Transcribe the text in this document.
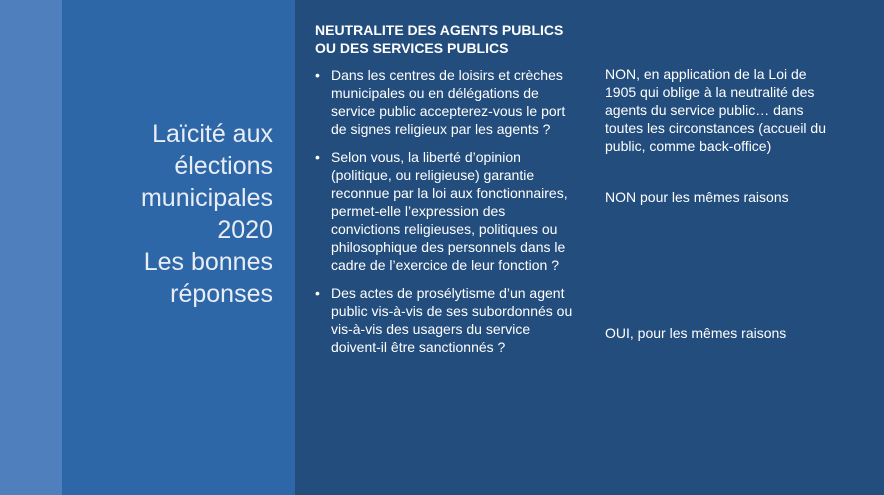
Laïcité aux
élections
municipales
2020
Les bonnes
réponses
NEUTRALITE DES AGENTS PUBLICS
OU DES SERVICES PUBLICS
• Dans les centres de loisirs et crèches municipales ou en délégations de service public accepterez-vous le port de signes religieux par les agents ?
• Selon vous, la liberté d’opinion (politique, ou religieuse) garantie reconnue par la loi aux fonctionnaires, permet-elle l’expression des convictions religieuses, politiques ou philosophique des personnels dans le cadre de l’exercice de leur fonction ?
• Des actes de prosélytisme d’un agent public vis-à-vis de ses subordonnés ou vis-à-vis des usagers du service doivent-il être sanctionnés ?
NON, en application de la Loi de 1905 qui oblige à la neutralité des agents du service public… dans toutes les circonstances (accueil du public, comme back-office)
NON pour les mêmes raisons
OUI, pour les mêmes raisons
